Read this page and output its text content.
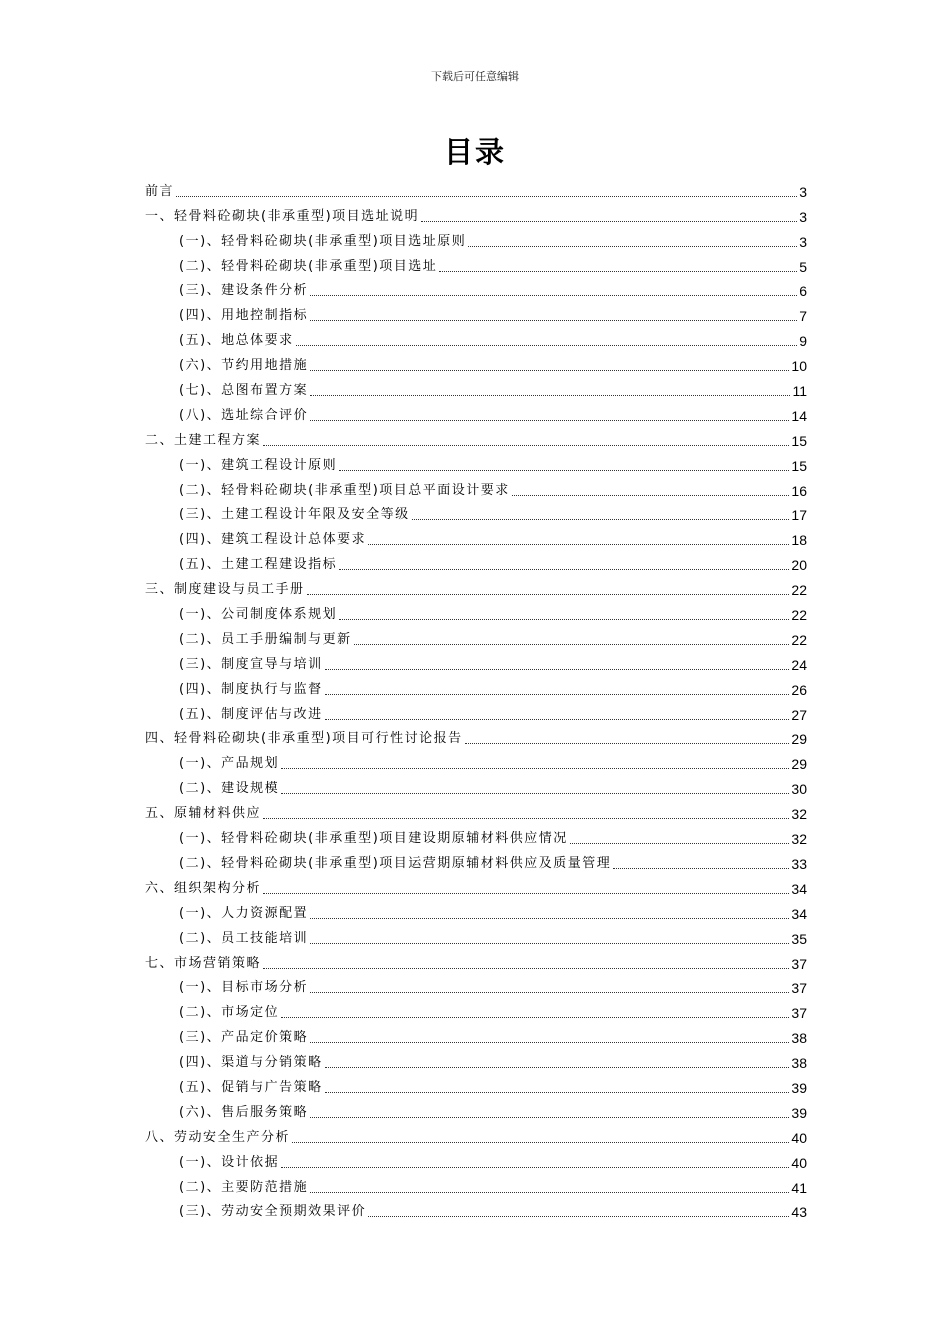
下载后可任意编辑
目录
前言	3
一、轻骨料砼砌块(非承重型)项目选址说明	3
(一)、轻骨料砼砌块(非承重型)项目选址原则	3
(二)、轻骨料砼砌块(非承重型)项目选址	5
(三)、建设条件分析	6
(四)、用地控制指标	7
(五)、地总体要求	9
(六)、节约用地措施	10
(七)、总图布置方案	11
(八)、选址综合评价	14
二、土建工程方案	15
(一)、建筑工程设计原则	15
(二)、轻骨料砼砌块(非承重型)项目总平面设计要求	16
(三)、土建工程设计年限及安全等级	17
(四)、建筑工程设计总体要求	18
(五)、土建工程建设指标	20
三、制度建设与员工手册	22
(一)、公司制度体系规划	22
(二)、员工手册编制与更新	22
(三)、制度宣导与培训	24
(四)、制度执行与监督	26
(五)、制度评估与改进	27
四、轻骨料砼砌块(非承重型)项目可行性讨论报告	29
(一)、产品规划	29
(二)、建设规模	30
五、原辅材料供应	32
(一)、轻骨料砼砌块(非承重型)项目建设期原辅材料供应情况	32
(二)、轻骨料砼砌块(非承重型)项目运营期原辅材料供应及质量管理	33
六、组织架构分析	34
(一)、人力资源配置	34
(二)、员工技能培训	35
七、市场营销策略	37
(一)、目标市场分析	37
(二)、市场定位	37
(三)、产品定价策略	38
(四)、渠道与分销策略	38
(五)、促销与广告策略	39
(六)、售后服务策略	39
八、劳动安全生产分析	40
(一)、设计依据	40
(二)、主要防范措施	41
(三)、劳动安全预期效果评价	43
